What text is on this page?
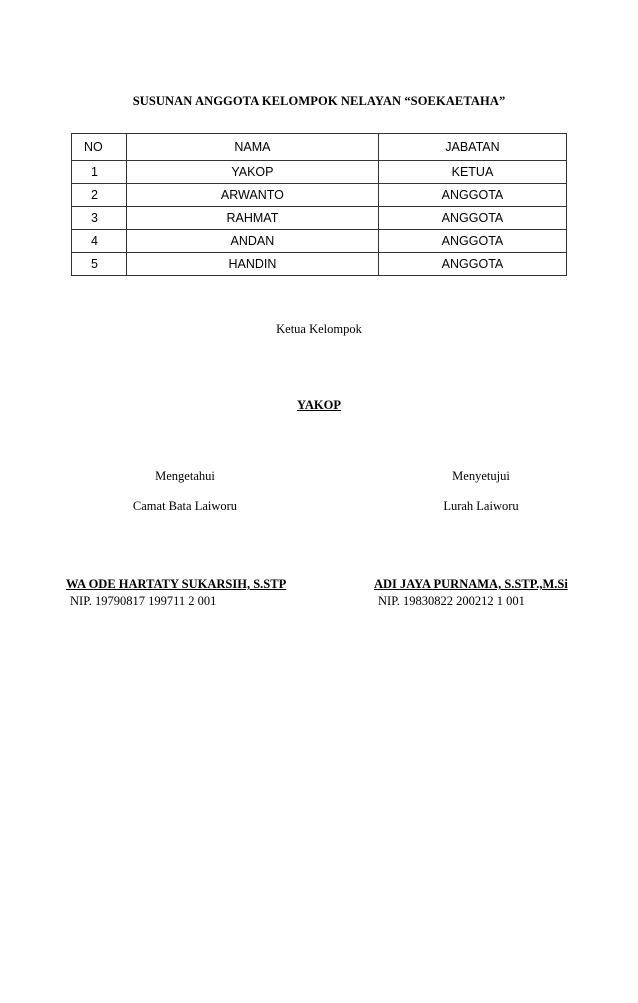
SUSUNAN ANGGOTA KELOMPOK NELAYAN “SOEKAETAHA”
NO	NAMA	JABATAN
1	YAKOP	KETUA
2	ARWANTO	ANGGOTA
3	RAHMAT	ANGGOTA
4	ANDAN	ANGGOTA
5	HANDIN	ANGGOTA
Ketua Kelompok
YAKOP
Mengetahui
Camat Bata Laiworu
Menyetujui
Lurah Laiworu
WA ODE HARTATY SUKARSIH, S.STP
NIP. 19790817 199711 2 001
ADI JAYA PURNAMA, S.STP.,M.Si
NIP. 19830822 200212 1 001
